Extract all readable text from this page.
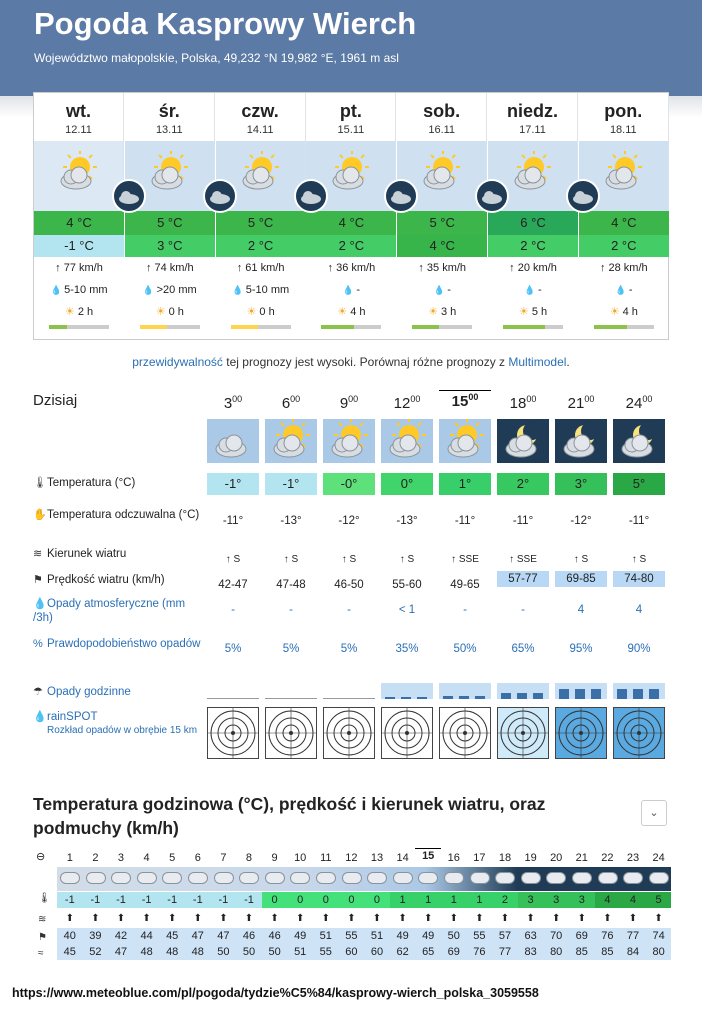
Pogoda Kasprowy Wierch
Województwo małopolskie, Polska, 49,232 °N 19,982 °E, 1961 m asl
wt.
12.11
4 °C
-1 °C
↑ 77 km/h
💧 5-10 mm
☀ 2 h
śr.
13.11
5 °C
3 °C
↑ 74 km/h
💧 >20 mm
☀ 0 h
czw.
14.11
5 °C
2 °C
↑ 61 km/h
💧 5-10 mm
☀ 0 h
pt.
15.11
4 °C
2 °C
↑ 36 km/h
💧 -
☀ 4 h
sob.
16.11
5 °C
4 °C
↑ 35 km/h
💧 -
☀ 3 h
niedz.
17.11
6 °C
2 °C
↑ 20 km/h
💧 -
☀ 5 h
pon.
18.11
4 °C
2 °C
↑ 28 km/h
💧 -
☀ 4 h
przewidywalność tej prognozy jest wysoki. Porównaj różne prognozy z Multimodel.
Dzisiaj
🌡Temperatura (°C)
✋Temperatura odczuwalna (°C)
≋ Kierunek wiatru
⚑ Prędkość wiatru (km/h)
💧Opady atmosferyczne (mm /3h)
% Prawdopodobieństwo opadów
☂ Opady godzinne
💧rainSPOT
Rozkład opadów w obrębie 15 km
$3^{00}$
-1°
-11°
↑ S
42-47
-
5%
$6^{00}$
-1°
-13°
↑ S
47-48
-
5%
$9^{00}$
-0°
-12°
↑ S
46-50
-
5%
$12^{00}$
0°
-13°
↑ S
55-60
< 1
35%
$15^{00}$
1°
-11°
↑ SSE
49-65
-
50%
$18^{00}$
2°
-11°
↑ SSE
57-77
-
65%
$21^{00}$
3°
-12°
↑ S
69-85
4
95%
$24^{00}$
5°
-11°
↑ S
74-80
4
90%
Temperatura godzinowa (°C), prędkość i kierunek wiatru, oraz podmuchy (km/h)
⌄
⊖
🌡
≋
⚑
≈
1
-1
⬆
40
45
2
-1
⬆
39
52
3
-1
⬆
42
47
4
-1
⬆
44
48
5
-1
⬆
45
48
6
-1
⬆
47
48
7
-1
⬆
47
50
8
-1
⬆
46
50
9
0
⬆
46
50
10
0
⬆
49
51
11
0
⬆
51
55
12
0
⬆
55
60
13
0
⬆
51
60
14
1
⬆
49
62
15
1
⬆
49
65
16
1
⬆
50
69
17
1
⬆
55
76
18
2
⬆
57
77
19
3
⬆
63
83
20
3
⬆
70
80
21
3
⬆
69
85
22
4
⬆
76
85
23
4
⬆
77
84
24
5
⬆
74
80
https://www.meteoblue.com/pl/pogoda/tydzie%C5%84/kasprowy-wierch_polska_3059558
